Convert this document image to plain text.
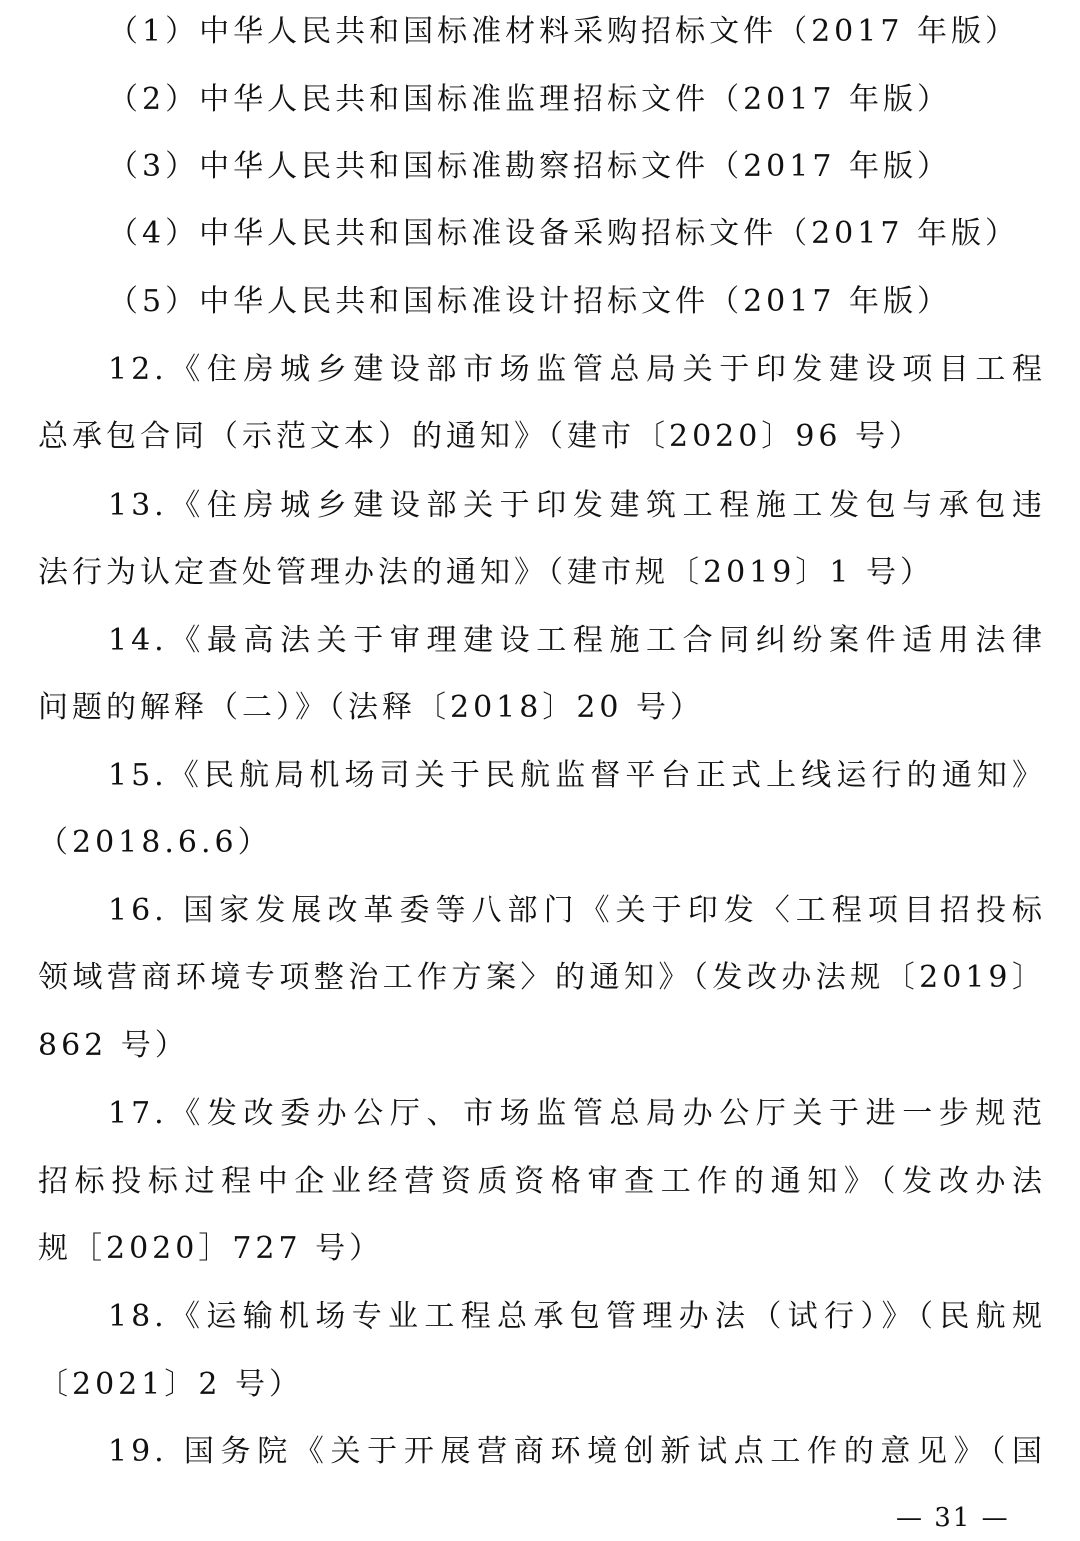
（1）中华人民共和国标准材料采购招标文件（2017 年版）
（2）中华人民共和国标准监理招标文件（2017 年版）
（3）中华人民共和国标准勘察招标文件（2017 年版）
（4）中华人民共和国标准设备采购招标文件（2017 年版）
（5）中华人民共和国标准设计招标文件（2017 年版）
12.《住房城乡建设部市场监管总局关于印发建设项目工程
总承包合同（示范文本）的通知》（建市〔2020〕96 号）
13.《住房城乡建设部关于印发建筑工程施工发包与承包违
法行为认定查处管理办法的通知》（建市规〔2019〕1 号）
14.《最高法关于审理建设工程施工合同纠纷案件适用法律
问题的解释（二）》（法释〔2018〕20 号）
15.《民航局机场司关于民航监督平台正式上线运行的通知》
（2018.6.6）
16. 国家发展改革委等八部门《关于印发〈工程项目招投标
领域营商环境专项整治工作方案〉的通知》（发改办法规〔2019〕
862 号）
17.《发改委办公厅、市场监管总局办公厅关于进一步规范
招标投标过程中企业经营资质资格审查工作的通知》（发改办法
规［2020］727 号）
18.《运输机场专业工程总承包管理办法（试行）》（民航规
〔2021〕2 号）
19. 国务院《关于开展营商环境创新试点工作的意见》（国
— 31 —
